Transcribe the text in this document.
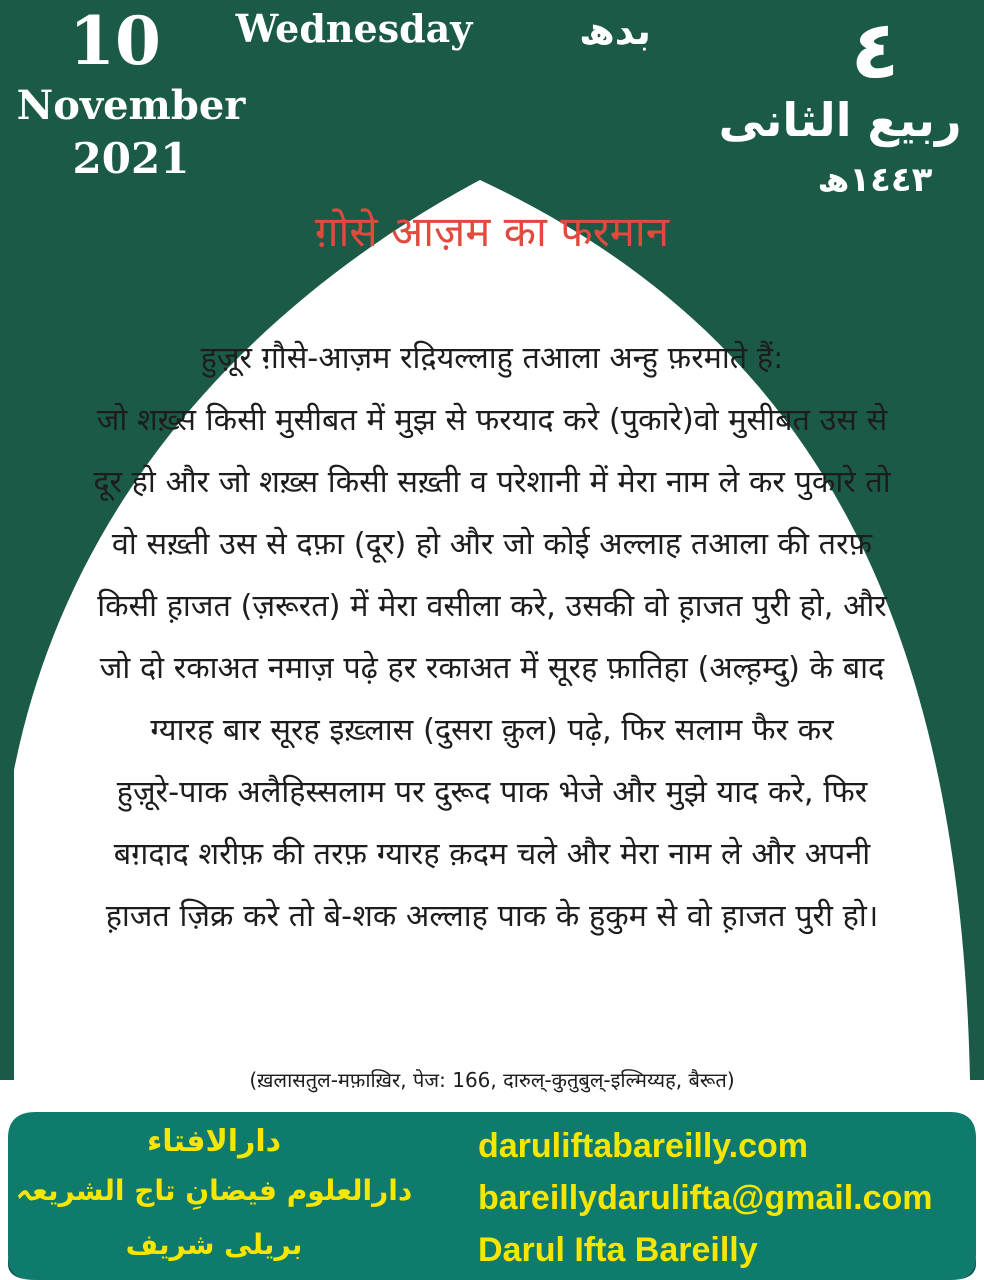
10
November
2021
Wednesday	بدھ	٤
ربیع الثانی
١٤٤٣ھ
ग़ोसे आज़म का फरमान
हुज़ूर ग़ौसे-आज़म रद़ियल्लाहु तआला अन्हु फ़रमाते हैं:
जो शख़्स किसी मुसीबत में मुझ से फरयाद करे (पुकारे)वो मुसीबत उस से
दूर हो और जो शख़्स किसी सख़्ती व परेशानी में मेरा नाम ले कर पुकारे तो
वो सख़्ती उस से दफ़ा (दूर) हो और जो कोई अल्लाह तआला की तरफ़
किसी ह़ाजत (ज़रूरत) में मेरा वसीला करे, उसकी वो ह़ाजत पुरी हो, और
जो दो रकाअत नमाज़ पढ़े हर रकाअत में सूरह फ़ातिहा (अल्ह़म्दु) के बाद
ग्यारह बार सूरह इख़्लास (दुसरा क़ुल) पढ़े, फिर सलाम फैर कर
हुज़ूरे-पाक अलैहिस्सलाम पर दुरूद पाक भेजे और मुझे याद करे, फिर
बग़दाद शरीफ़ की तरफ़ ग्यारह क़दम चले और मेरा नाम ले और अपनी
ह़ाजत ज़िक्र करे तो बे-शक अल्लाह पाक के हुकुम से वो ह़ाजत पुरी हो।
(ख़लासतुल-मफ़ाख़िर, पेज: 166, दारुल्-कुतुबुल्-इल्मिय्यह, बैरूत)
دارالافتاء
دارالعلوم فیضانِ تاج الشریعہ
بریلی شریف
daruliftabareilly.com
bareillydarulifta@gmail.com
Darul Ifta Bareilly
